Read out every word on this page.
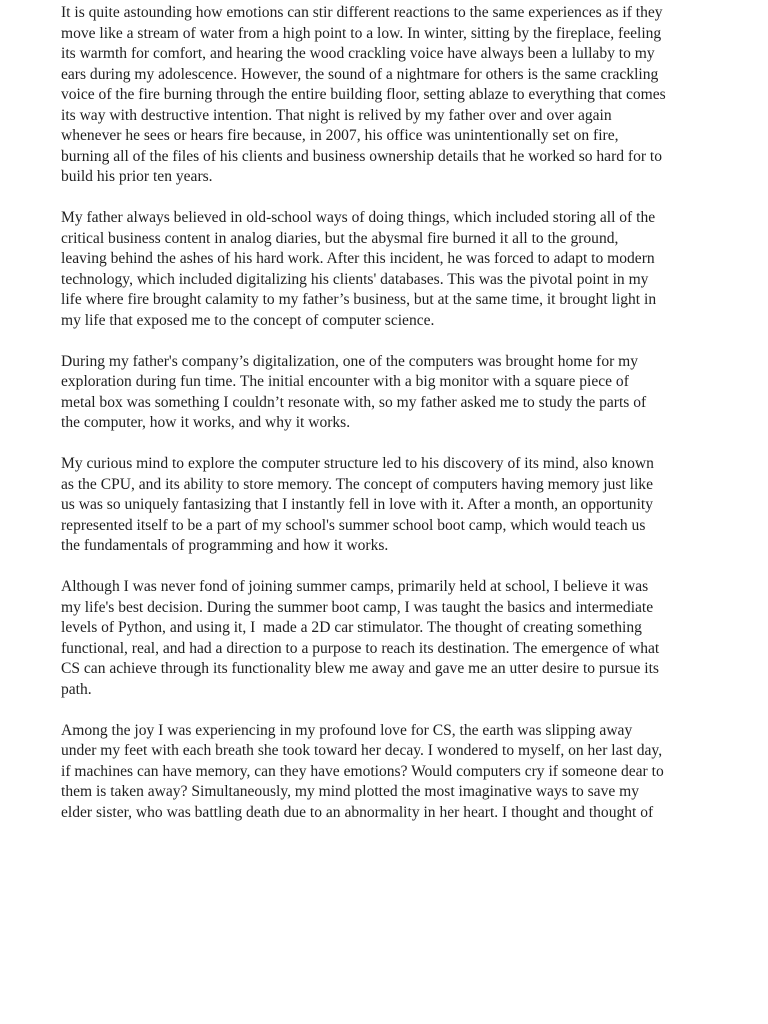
It is quite astounding how emotions can stir different reactions to the same experiences as if they
move like a stream of water from a high point to a low. In winter, sitting by the fireplace, feeling
its warmth for comfort, and hearing the wood crackling voice have always been a lullaby to my
ears during my adolescence. However, the sound of a nightmare for others is the same crackling
voice of the fire burning through the entire building floor, setting ablaze to everything that comes
its way with destructive intention. That night is relived by my father over and over again
whenever he sees or hears fire because, in 2007, his office was unintentionally set on fire,
burning all of the files of his clients and business ownership details that he worked so hard for to
build his prior ten years.

My father always believed in old-school ways of doing things, which included storing all of the
critical business content in analog diaries, but the abysmal fire burned it all to the ground,
leaving behind the ashes of his hard work. After this incident, he was forced to adapt to modern
technology, which included digitalizing his clients' databases. This was the pivotal point in my
life where fire brought calamity to my father’s business, but at the same time, it brought light in
my life that exposed me to the concept of computer science.

During my father's company’s digitalization, one of the computers was brought home for my
exploration during fun time. The initial encounter with a big monitor with a square piece of
metal box was something I couldn’t resonate with, so my father asked me to study the parts of
the computer, how it works, and why it works.

My curious mind to explore the computer structure led to his discovery of its mind, also known
as the CPU, and its ability to store memory. The concept of computers having memory just like
us was so uniquely fantasizing that I instantly fell in love with it. After a month, an opportunity
represented itself to be a part of my school's summer school boot camp, which would teach us
the fundamentals of programming and how it works.

Although I was never fond of joining summer camps, primarily held at school, I believe it was
my life's best decision. During the summer boot camp, I was taught the basics and intermediate
levels of Python, and using it, I  made a 2D car stimulator. The thought of creating something
functional, real, and had a direction to a purpose to reach its destination. The emergence of what
CS can achieve through its functionality blew me away and gave me an utter desire to pursue its
path.

Among the joy I was experiencing in my profound love for CS, the earth was slipping away
under my feet with each breath she took toward her decay. I wondered to myself, on her last day,
if machines can have memory, can they have emotions? Would computers cry if someone dear to
them is taken away? Simultaneously, my mind plotted the most imaginative ways to save my
elder sister, who was battling death due to an abnormality in her heart. I thought and thought of
